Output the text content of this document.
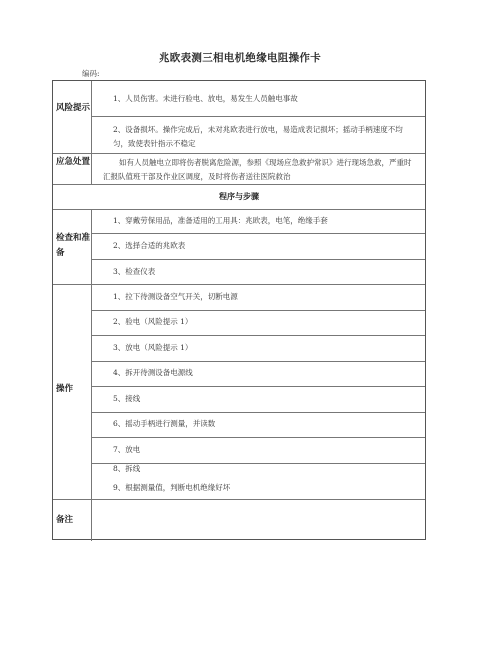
兆欧表测三相电机绝缘电阻操作卡
编码:
风险提示
1、人员伤害。未进行验电、放电，易发生人员触电事故
2、设备损坏。操作完成后，未对兆欧表进行放电，易造成表记损坏；摇动手柄速度不均匀，致使表针指示不稳定
应急处置	如有人员触电立即将伤者脱离危险源，参照《现场应急救护常识》进行现场急救，严重时汇报队值班干部及作业区调度，及时将伤者送往医院救治
程序与步骤
检查和准备
1、穿戴劳保用品，准备适用的工用具：兆欧表，电笔，绝缘手套
2、选择合适的兆欧表
3、检查仪表
操作
1、拉下待测设备空气开关，切断电源
2、验电（风险提示 1）
3、放电（风险提示 1）
4、拆开待测设备电源线
5、接线
6、摇动手柄进行测量，并读数
7、放电
8、拆线
9、根据测量值，判断电机绝缘好坏
备注
